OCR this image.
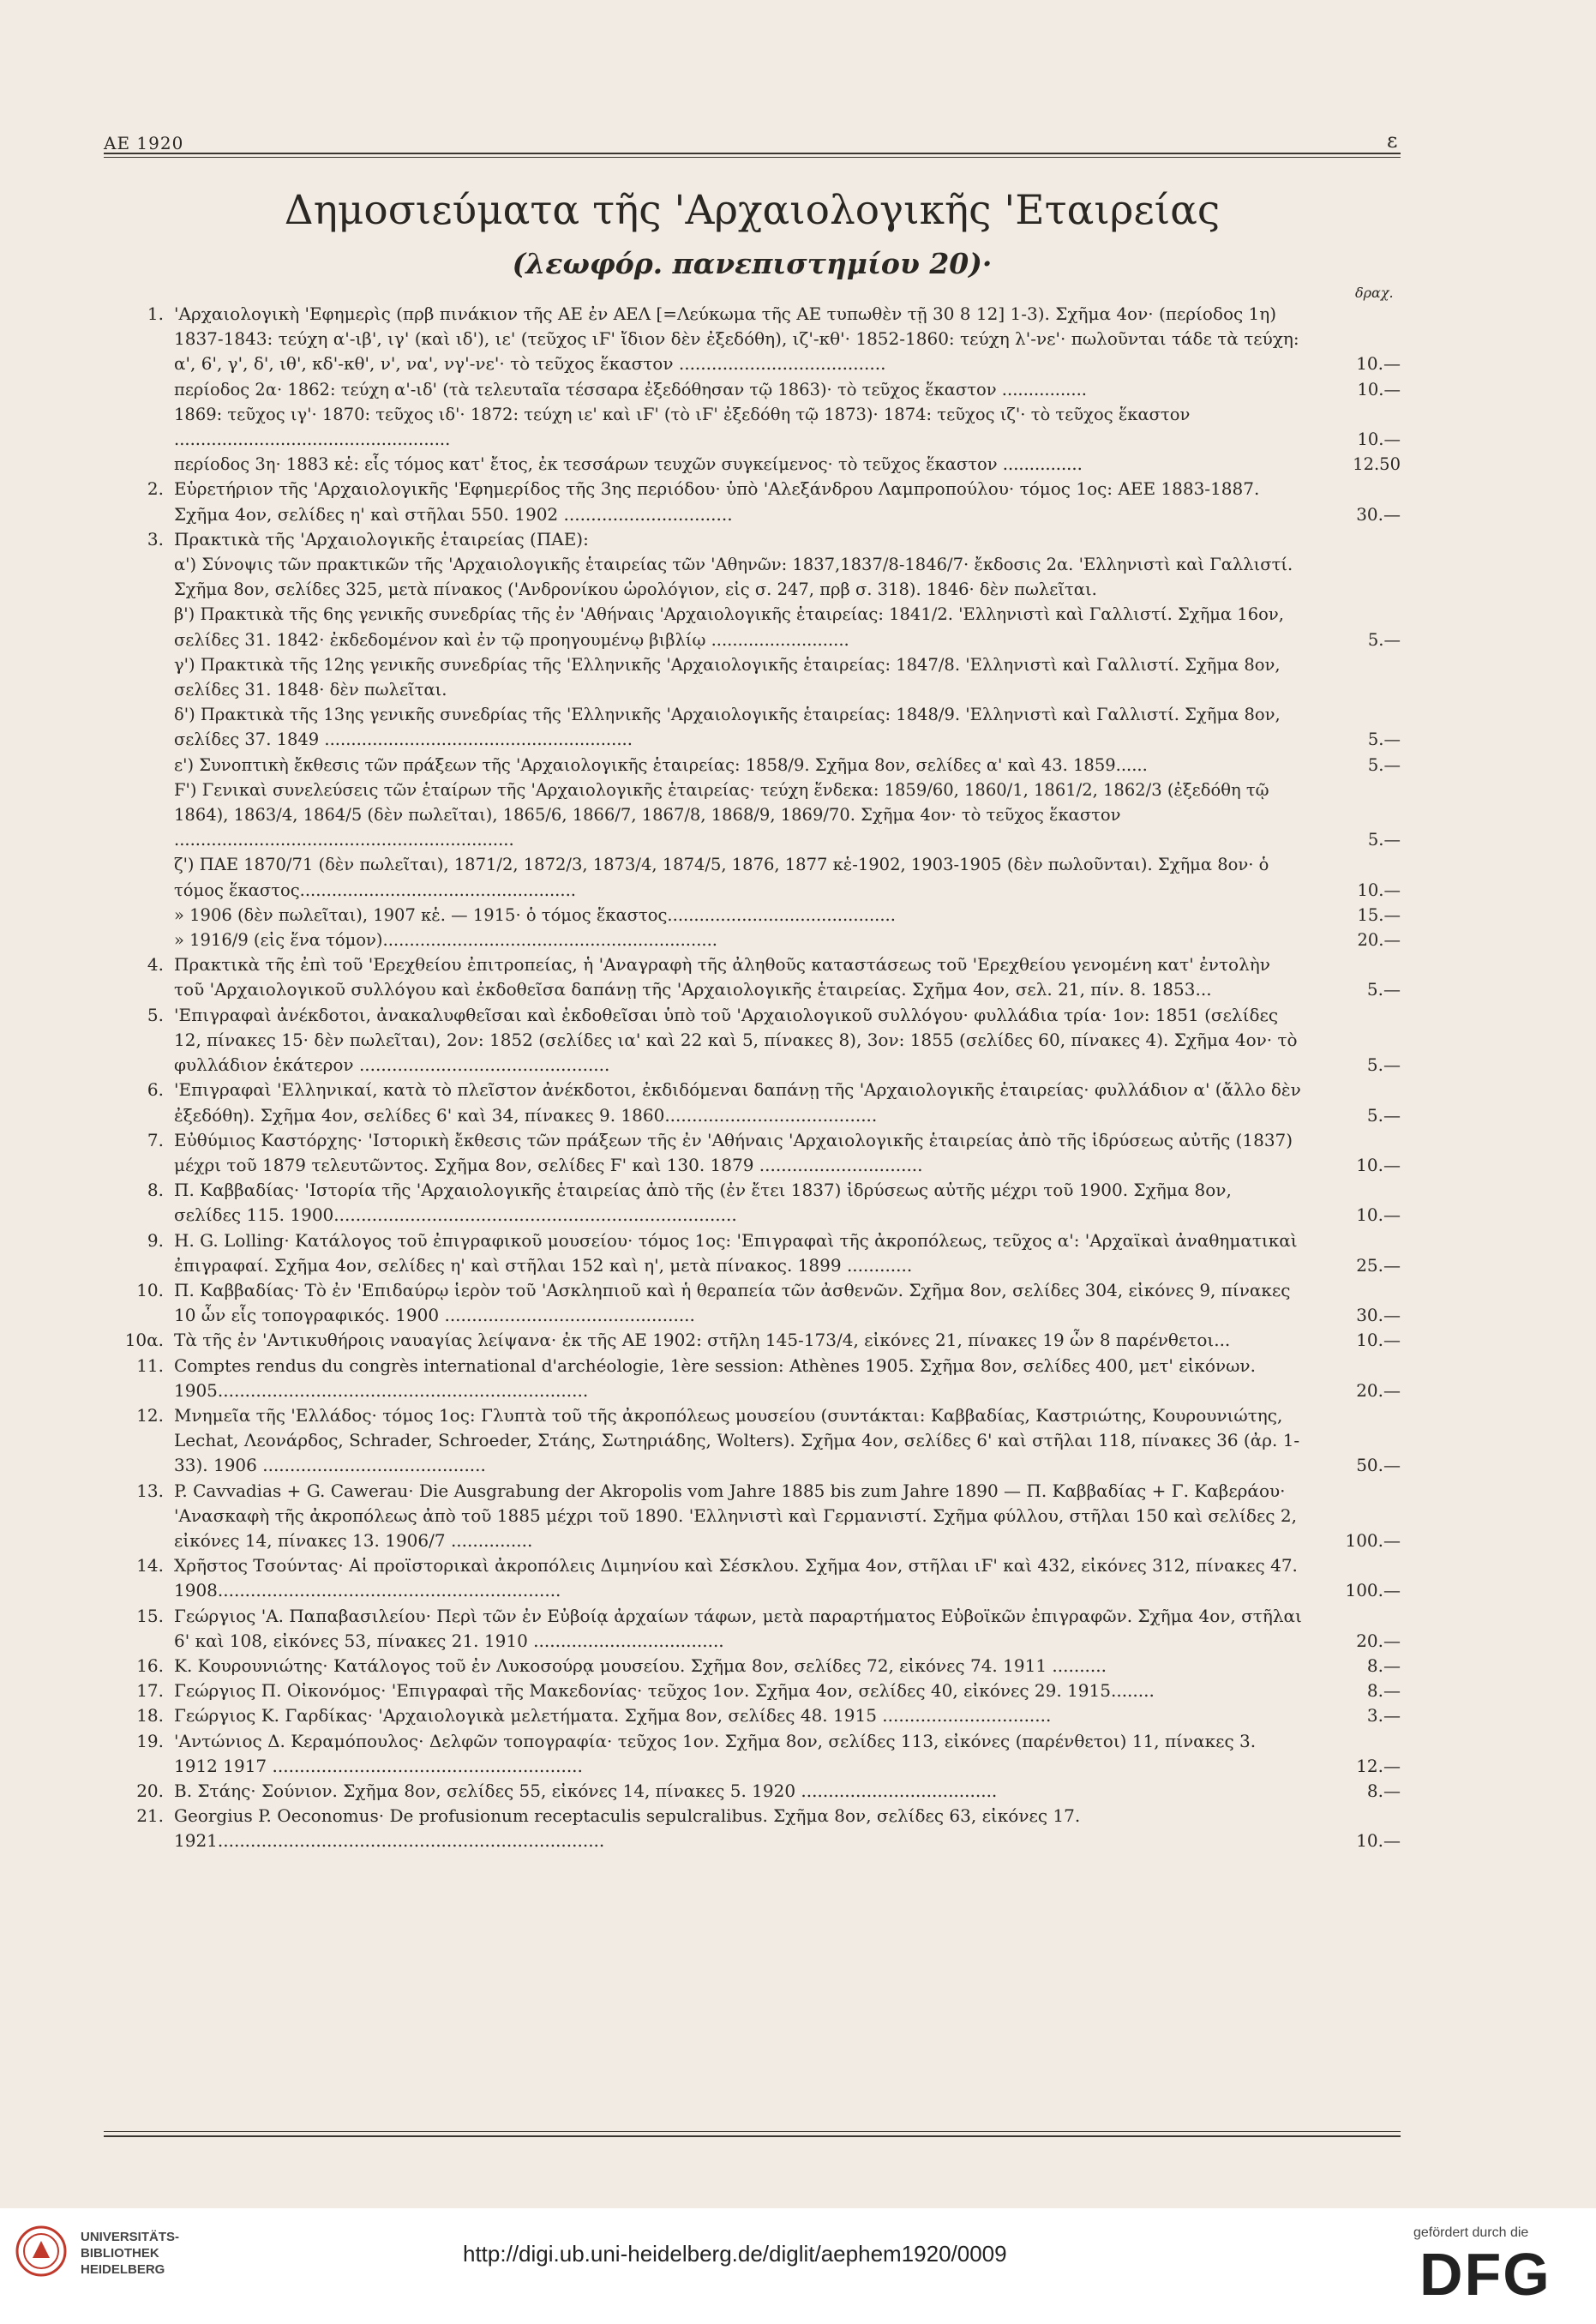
ΑΕ 1920	ε
Δημοσιεύματα τῆς 'Αρχαιολογικῆς 'Εταιρείας
(λεωφόρ. πανεπιστημίου 20)·
δραχ.
1. 'Αρχαιολογικὴ 'Εφημερὶς (πρβ πινάκιον τῆς ΑΕ ἐν ΑΕΛ [=Λεύκωμα τῆς ΑΕ τυπωθὲν τῇ 30 8 12] 1-3). Σχῆμα 4ον· (περίοδος 1η) 1837-1843: τεύχη α'-ιβ', ιγ' (καὶ ιδ'), ιε' (τεῦχος ιϜ' ἴδιον δὲν ἐξεδόθη), ιζ'-κθ'· 1852-1860: τεύχη λ'-νε'· πωλοῦνται τάδε τὰ τεύχη: α', 6', γ', δ', ιθ', κδ'-κθ', ν', να', νγ'-νε'· τὸ τεῦχος ἕκαστον ......................................	10.—
περίοδος 2α· 1862: τεύχη α'-ιδ' (τὰ τελευταῖα τέσσαρα ἐξεδόθησαν τῷ 1863)· τὸ τεῦχος ἕκαστον ................	10.—
1869: τεῦχος ιγ'· 1870: τεῦχος ιδ'· 1872: τεύχη ιε' καὶ ιϜ' (τὸ ιϜ' ἐξεδόθη τῷ 1873)· 1874: τεῦχος ιζ'· τὸ τεῦχος ἕκαστον ....................................................	10.—
περίοδος 3η· 1883 κἑ: εἷς τόμος κατ' ἔτος, ἐκ τεσσάρων τευχῶν συγκείμενος· τὸ τεῦχος ἕκαστον ...............	12.50
2. Εὑρετήριον τῆς 'Αρχαιολογικῆς 'Εφημερίδος τῆς 3ης περιόδου· ὑπὸ 'Αλεξάνδρου Λαμπροπούλου· τόμος 1ος: ΑΕΕ 1883-1887. Σχῆμα 4ον, σελίδες η' καὶ στῆλαι 550. 1902 ...............................	30.—
3. Πρακτικὰ τῆς 'Αρχαιολογικῆς ἑταιρείας (ΠΑΕ):
α') Σύνοψις τῶν πρακτικῶν τῆς 'Αρχαιολογικῆς ἑταιρείας τῶν 'Αθηνῶν: 1837,1837/8-1846/7· ἔκδοσις 2α. 'Ελληνιστὶ καὶ Γαλλιστί. Σχῆμα 8ον, σελίδες 325, μετὰ πίνακος ('Ανδρονίκου ὡρολόγιον, εἰς σ. 247, πρβ σ. 318). 1846· δὲν πωλεῖται.
β') Πρακτικὰ τῆς 6ης γενικῆς συνεδρίας τῆς ἐν 'Αθήναις 'Αρχαιολογικῆς ἑταιρείας: 1841/2. 'Ελληνιστὶ καὶ Γαλλιστί. Σχῆμα 16ον, σελίδες 31. 1842· ἐκδεδομένον καὶ ἐν τῷ προηγουμένῳ βιβλίῳ ..........................	5.—
γ') Πρακτικὰ τῆς 12ης γενικῆς συνεδρίας τῆς 'Ελληνικῆς 'Αρχαιολογικῆς ἑταιρείας: 1847/8. 'Ελληνιστὶ καὶ Γαλλιστί. Σχῆμα 8ον, σελίδες 31. 1848· δὲν πωλεῖται.
δ') Πρακτικὰ τῆς 13ης γενικῆς συνεδρίας τῆς 'Ελληνικῆς 'Αρχαιολογικῆς ἑταιρείας: 1848/9. 'Ελληνιστὶ καὶ Γαλλιστί. Σχῆμα 8ον, σελίδες 37. 1849 ..........................................................	5.—
ε') Συνοπτικὴ ἔκθεσις τῶν πράξεων τῆς 'Αρχαιολογικῆς ἑταιρείας: 1858/9. Σχῆμα 8ον, σελίδες α' καὶ 43. 1859......	5.—
Ϝ') Γενικαὶ συνελεύσεις τῶν ἑταίρων τῆς 'Αρχαιολογικῆς ἑταιρείας· τεύχη ἕνδεκα: 1859/60, 1860/1, 1861/2, 1862/3 (ἐξεδόθη τῷ 1864), 1863/4, 1864/5 (δὲν πωλεῖται), 1865/6, 1866/7, 1867/8, 1868/9, 1869/70. Σχῆμα 4ον· τὸ τεῦχος ἕκαστον ................................................................	5.—
ζ') ΠΑΕ 1870/71 (δὲν πωλεῖται), 1871/2, 1872/3, 1873/4, 1874/5, 1876, 1877 κἑ-1902, 1903-1905 (δὲν πωλοῦνται). Σχῆμα 8ον· ὁ τόμος ἕκαστος....................................................	10.—
» 1906 (δὲν πωλεῖται), 1907 κἑ. — 1915· ὁ τόμος ἕκαστος...........................................	15.—
» 1916/9 (εἰς ἕνα τόμον)...............................................................	20.—
4. Πρακτικὰ τῆς ἐπὶ τοῦ 'Ερεχθείου ἐπιτροπείας, ἡ 'Αναγραφὴ τῆς ἀληθοῦς καταστάσεως τοῦ 'Ερεχθείου γενομένη κατ' ἐντολὴν τοῦ 'Αρχαιολογικοῦ συλλόγου καὶ ἐκδοθεῖσα δαπάνῃ τῆς 'Αρχαιολογικῆς ἑταιρείας. Σχῆμα 4ον, σελ. 21, πίν. 8. 1853...	5.—
5. 'Επιγραφαὶ ἀνέκδοτοι, ἀνακαλυφθεῖσαι καὶ ἐκδοθεῖσαι ὑπὸ τοῦ 'Αρχαιολογικοῦ συλλόγου· φυλλάδια τρία· 1ον: 1851 (σελίδες 12, πίνακες 15· δὲν πωλεῖται), 2ον: 1852 (σελίδες ια' καὶ 22 καὶ 5, πίνακες 8), 3ον: 1855 (σελίδες 60, πίνακες 4). Σχῆμα 4ον· τὸ φυλλάδιον ἑκάτερον ..............................................	5.—
6. 'Επιγραφαὶ 'Ελληνικαί, κατὰ τὸ πλεῖστον ἀνέκδοτοι, ἐκδιδόμεναι δαπάνῃ τῆς 'Αρχαιολογικῆς ἑταιρείας· φυλλάδιον α' (ἄλλο δὲν ἐξεδόθη). Σχῆμα 4ον, σελίδες 6' καὶ 34, πίνακες 9. 1860.......................................	5.—
7. Εὐθύμιος Καστόρχης· 'Ιστορικὴ ἔκθεσις τῶν πράξεων τῆς ἐν 'Αθήναις 'Αρχαιολογικῆς ἑταιρείας ἀπὸ τῆς ἱδρύσεως αὐτῆς (1837) μέχρι τοῦ 1879 τελευτῶντος. Σχῆμα 8ον, σελίδες Ϝ' καὶ 130. 1879 ..............................	10.—
8. Π. Καββαδίας· 'Ιστορία τῆς 'Αρχαιολογικῆς ἑταιρείας ἀπὸ τῆς (ἐν ἔτει 1837) ἱδρύσεως αὐτῆς μέχρι τοῦ 1900. Σχῆμα 8ον, σελίδες 115. 1900..........................................................................	10.—
9. H. G. Lolling· Κατάλογος τοῦ ἐπιγραφικοῦ μουσείου· τόμος 1ος: 'Επιγραφαὶ τῆς ἀκροπόλεως, τεῦχος α': 'Αρχαϊκαὶ ἀναθηματικαὶ ἐπιγραφαί. Σχῆμα 4ον, σελίδες η' καὶ στῆλαι 152 καὶ η', μετὰ πίνακος. 1899 ............	25.—
10. Π. Καββαδίας· Τὸ ἐν 'Επιδαύρῳ ἱερὸν τοῦ 'Ασκληπιοῦ καὶ ἡ θεραπεία τῶν ἀσθενῶν. Σχῆμα 8ον, σελίδες 304, εἰκόνες 9, πίνακες 10 ὧν εἷς τοπογραφικός. 1900 ..............................................	30.—
10α. Τὰ τῆς ἐν 'Αντικυθήροις ναυαγίας λείψανα· ἐκ τῆς ΑΕ 1902: στῆλη 145-173/4, εἰκόνες 21, πίνακες 19 ὧν 8 παρένθετοι...	10.—
11. Comptes rendus du congrès international d'archéologie, 1ère session: Athènes 1905. Σχῆμα 8ον, σελίδες 400, μετ' εἰκόνων. 1905....................................................................	20.—
12. Μνημεῖα τῆς 'Ελλάδος· τόμος 1ος: Γλυπτὰ τοῦ τῆς ἀκροπόλεως μουσείου (συντάκται: Καββαδίας, Καστριώτης, Κουρουνιώτης, Lechat, Λεονάρδος, Schrader, Schroeder, Στάης, Σωτηριάδης, Wolters). Σχῆμα 4ον, σελίδες 6' καὶ στῆλαι 118, πίνακες 36 (ἀρ. 1-33). 1906 .........................................	50.—
13. P. Cavvadias + G. Cawerau· Die Ausgrabung der Akropolis vom Jahre 1885 bis zum Jahre 1890 — Π. Καββαδίας + Γ. Καβεράου· 'Ανασκαφὴ τῆς ἀκροπόλεως ἀπὸ τοῦ 1885 μέχρι τοῦ 1890. 'Ελληνιστὶ καὶ Γερμανιστί. Σχῆμα φύλλου, στῆλαι 150 καὶ σελίδες 2, εἰκόνες 14, πίνακες 13. 1906/7 ...............	100.—
14. Χρῆστος Τσούντας· Αἱ προϊστορικαὶ ἀκροπόλεις Διμηνίου καὶ Σέσκλου. Σχῆμα 4ον, στῆλαι ιϜ' καὶ 432, εἰκόνες 312, πίνακες 47. 1908...............................................................	100.—
15. Γεώργιος 'Α. Παπαβασιλείου· Περὶ τῶν ἐν Εὐβοίᾳ ἀρχαίων τάφων, μετὰ παραρτήματος Εὐβοϊκῶν ἐπιγραφῶν. Σχῆμα 4ον, στῆλαι 6' καὶ 108, εἰκόνες 53, πίνακες 21. 1910 ...................................	20.—
16. Κ. Κουρουνιώτης· Κατάλογος τοῦ ἐν Λυκοσούρᾳ μουσείου. Σχῆμα 8ον, σελίδες 72, εἰκόνες 74. 1911 ..........	8.—
17. Γεώργιος Π. Οἰκονόμος· 'Επιγραφαὶ τῆς Μακεδονίας· τεῦχος 1ον. Σχῆμα 4ον, σελίδες 40, εἰκόνες 29. 1915........	8.—
18. Γεώργιος Κ. Γαρδίκας· 'Αρχαιολογικὰ μελετήματα. Σχῆμα 8ον, σελίδες 48. 1915 ...............................	3.—
19. 'Αντώνιος Δ. Κεραμόπουλος· Δελφῶν τοπογραφία· τεῦχος 1ον. Σχῆμα 8ον, σελίδες 113, εἰκόνες (παρένθετοι) 11, πίνακες 3. 1912 1917 .........................................................	12.—
20. Β. Στάης· Σούνιον. Σχῆμα 8ον, σελίδες 55, εἰκόνες 14, πίνακες 5. 1920 ....................................	8.—
21. Georgius P. Oeconomus· De profusionum receptaculis sepulcralibus. Σχῆμα 8ον, σελίδες 63, εἰκόνες 17. 1921.......................................................................	10.—
UNIVERSITÄTS-
BIBLIOTHEK
HEIDELBERG
http://digi.ub.uni-heidelberg.de/diglit/aephem1920/0009
gefördert durch die
DFG
